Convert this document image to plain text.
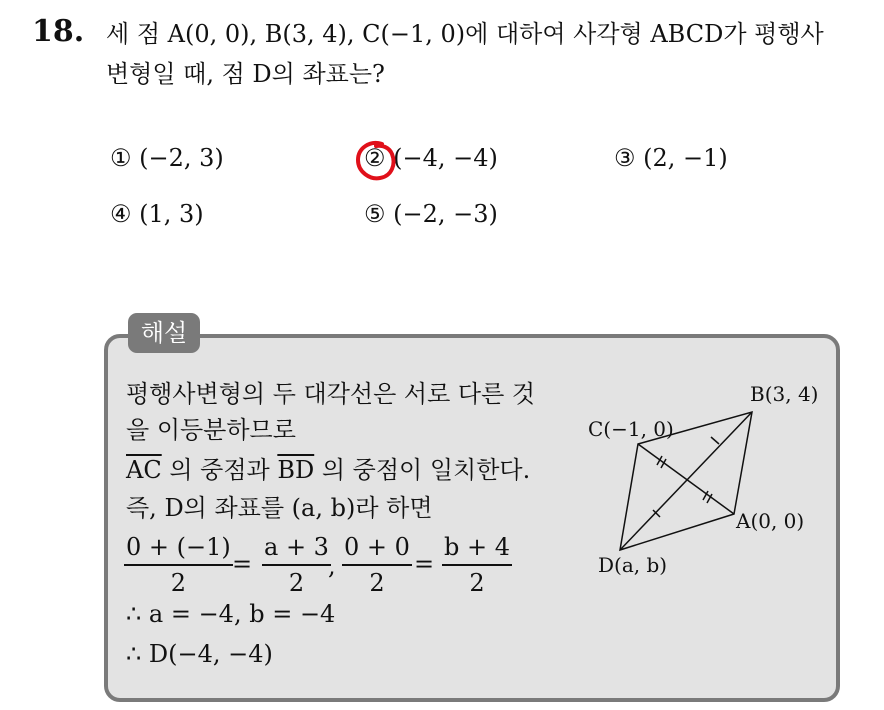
18. 세 점 A(0, 0), B(3, 4), C(−1, 0)에 대하여 사각형 ABCD가 평행사
변형일 때, 점 D의 좌표는?
① (−2, 3)	② (−4, −4)	③ (2, −1)
④ (1, 3)	⑤ (−2, −3)
해설
평행사변형의 두 대각선은 서로 다른 것
을 이등분하므로
$\overline{AC}$ 의 중점과 $\overline{BD}$ 의 중점이 일치한다.
즉, D의 좌표를 (a, b)라 하면
$\frac{0 + (-1)}{2} = \frac{a + 3}{2}$
, $\frac{0 + 0}{2} = \frac{b + 4}{2}$
∴ a = −4, b = −4
∴ D(−4, −4)
B(3, 4)
C(−1, 0)
A(0, 0)
D(a, b)
